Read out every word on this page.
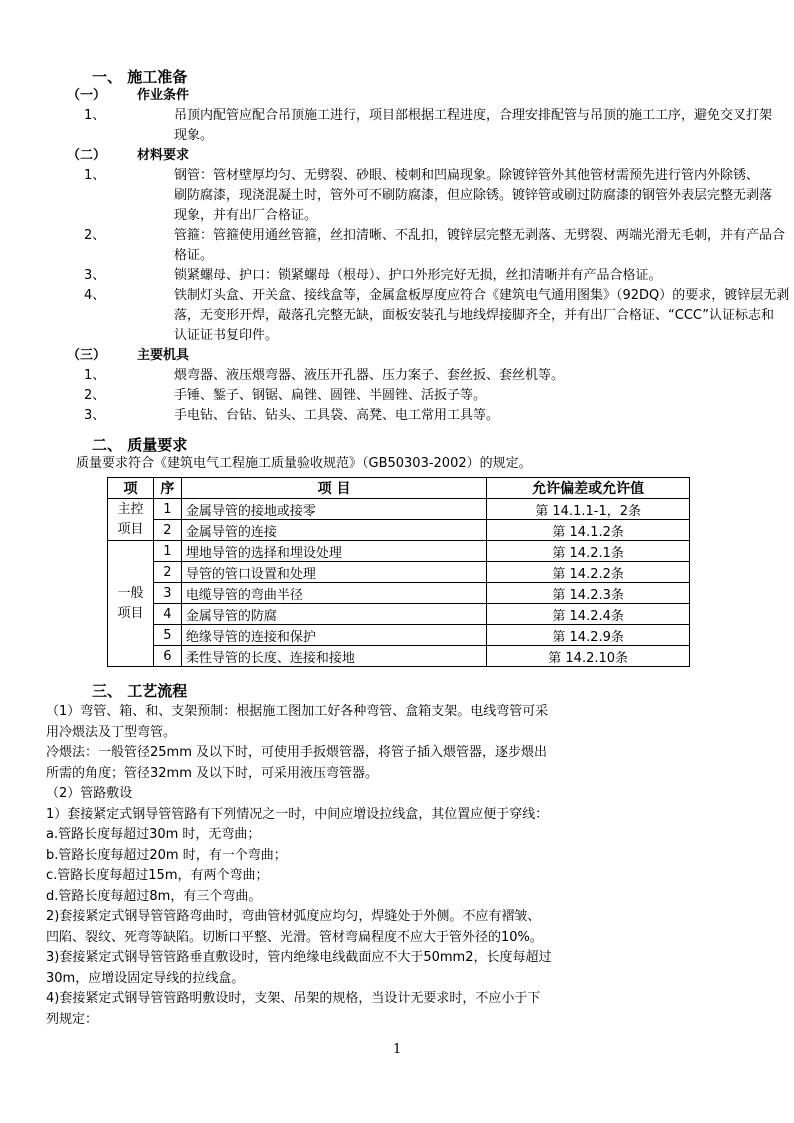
一、 施工准备
（一） 作业条件
1、	吊顶内配管应配合吊顶施工进行，项目部根据工程进度，合理安排配管与吊顶的施工工序，避免交叉打架
现象。
（二） 材料要求
1、	钢管：管材壁厚均匀、无劈裂、砂眼、棱刺和凹扁现象。除镀锌管外其他管材需预先进行管内外除锈、
刷防腐漆，现浇混凝土时，管外可不刷防腐漆，但应除锈。镀锌管或刷过防腐漆的钢管外表层完整无剥落
现象，并有出厂合格证。
2、	管箍：管箍使用通丝管箍，丝扣清晰、不乱扣，镀锌层完整无剥落、无劈裂、两端光滑无毛刺，并有产品合
格证。
3、	锁紧螺母、护口：锁紧螺母（根母）、护口外形完好无损，丝扣清晰并有产品合格证。
4、	铁制灯头盒、开关盒、接线盒等，金属盒板厚度应符合《建筑电气通用图集》（92DQ）的要求，镀锌层无剥
落，无变形开焊，敲落孔完整无缺，面板安装孔与地线焊接脚齐全，并有出厂合格证、“CCC”认证标志和
认证证书复印件。
（三） 主要机具
1、	煨弯器、液压煨弯器、液压开孔器、压力案子、套丝扳、套丝机等。
2、	手锤、錾子、钢锯、扁锉、圆锉、半圆锉、活扳子等。
3、	手电钻、台钻、钻头、工具袋、高凳、电工常用工具等。
二、 质量要求
质量要求符合《建筑电气工程施工质量验收规范》（GB50303-2002）的规定。
项	序	项 目	允许偏差或允许值

主控
项目	1	金属导管的接地或接零	第 14.1.1-1，2条
	2	金属导管的连接	第 14.1.2条

一般
项目	1	埋地导管的选择和埋设处理	第 14.2.1条
	2	导管的管口设置和处理	第 14.2.2条
	3	电缆导管的弯曲半径	第 14.2.3条
	4	金属导管的防腐	第 14.2.4条
	5	绝缘导管的连接和保护	第 14.2.9条
	6	柔性导管的长度、连接和接地	第 14.2.10条
三、 工艺流程
（1）弯管、箱、和、支架预制：根据施工图加工好各种弯管、盒箱支架。电线弯管可采
用冷煨法及丁型弯管。
冷煨法：一般管径25mm 及以下时，可使用手扳煨管器，将管子插入煨管器，逐步煨出
所需的角度；管径32mm 及以下时，可采用液压弯管器。
（2）管路敷设
1）套接紧定式钢导管管路有下列情况之一时，中间应增设拉线盒，其位置应便于穿线：
a.管路长度每超过30m 时，无弯曲；
b.管路长度每超过20m 时，有一个弯曲；
c.管路长度每超过15m，有两个弯曲；
d.管路长度每超过8m，有三个弯曲。
2)套接紧定式钢导管管路弯曲时，弯曲管材弧度应均匀，焊缝处于外侧。不应有褶皱、
凹陷、裂纹、死弯等缺陷。切断口平整、光滑。管材弯扁程度不应大于管外径的10%。
3)套接紧定式钢导管管路垂直敷设时，管内绝缘电线截面应不大于50mm2，长度每超过
30m，应增设固定导线的拉线盒。
4)套接紧定式钢导管管路明敷设时，支架、吊架的规格，当设计无要求时，不应小于下
列规定：
1
